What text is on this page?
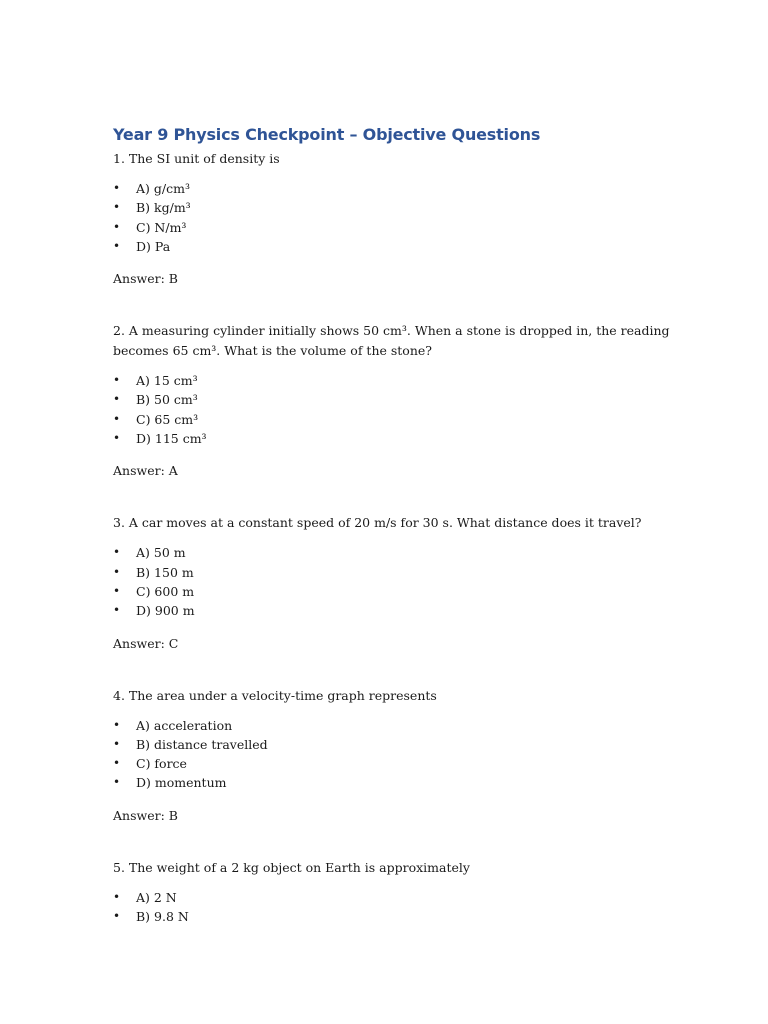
Year 9 Physics Checkpoint – Objective Questions

1. The SI unit of density is

• A) g/cm³
• B) kg/m³
• C) N/m³
• D) Pa

Answer: B

2. A measuring cylinder initially shows 50 cm³. When a stone is dropped in, the reading becomes 65 cm³. What is the volume of the stone?

• A) 15 cm³
• B) 50 cm³
• C) 65 cm³
• D) 115 cm³

Answer: A

3. A car moves at a constant speed of 20 m/s for 30 s. What distance does it travel?

• A) 50 m
• B) 150 m
• C) 600 m
• D) 900 m

Answer: C

4. The area under a velocity-time graph represents

• A) acceleration
• B) distance travelled
• C) force
• D) momentum

Answer: B

5. The weight of a 2 kg object on Earth is approximately

• A) 2 N
• B) 9.8 N
